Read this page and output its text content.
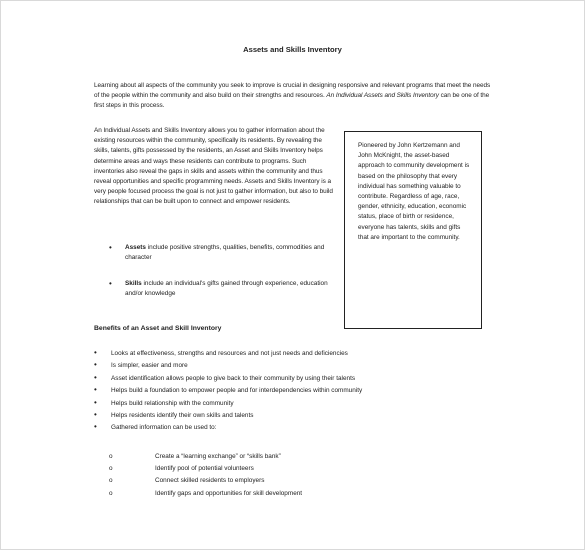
Assets and Skills Inventory
Learning about all aspects of the community you seek to improve is crucial in designing responsive and relevant programs that meet the needs of the people within the community and also build on their strengths and resources. An Individual Assets and Skills Inventory can be one of the first steps in this process.
An Individual Assets and Skills Inventory allows you to gather information about the existing resources within the community, specifically its residents. By revealing the skills, talents, gifts possessed by the residents, an Asset and Skills Inventory helps determine areas and ways these residents can contribute to programs. Such inventories also reveal the gaps in skills and assets within the community and thus reveal opportunities and specific programming needs. Assets and Skills Inventory is a very people focused process the goal is not just to gather information, but also to build relationships that can be built upon to connect and empower residents.
Pioneered by John Kertzemann and John McKnight, the asset-based approach to community development is based on the philosophy that every individual has something valuable to contribute. Regardless of age, race, gender, ethnicity, education, economic status, place of birth or residence, everyone has talents, skills and gifts that are important to the community.
• Assets include positive strengths, qualities, benefits, commodities and character
• Skills include an individual's gifts gained through experience, education and/or knowledge
Benefits of an Asset and Skill Inventory
• Looks at effectiveness, strengths and resources and not just needs and deficiencies
• Is simpler, easier and more
• Asset identification allows people to give back to their community by using their talents
• Helps build a foundation to empower people and for interdependencies within community
• Helps build relationship with the community
• Helps residents identify their own skills and talents
• Gathered information can be used to:
o	Create a “learning exchange” or “skills bank”
o	Identify pool of potential volunteers
o	Connect skilled residents to employers
o	Identify gaps and opportunities for skill development
